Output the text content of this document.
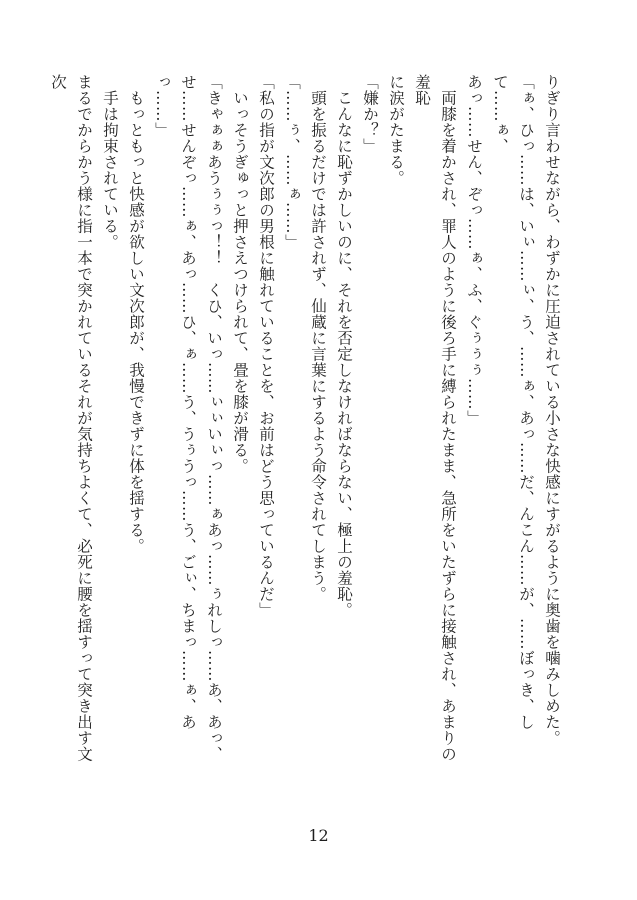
りぎり言わせながら、わずかに圧迫されている小さな快感にすがるように奥歯を噛みしめた。

「ぁ、ひっ……は、いぃ……ぃ、う、……ぁ、あっ……だ、んこん……が、……ぼっき、して……ぁ、

あっ……せん、ぞっ……ぁ、ふ、ぐぅぅぅ……」

　両膝を着かされ、罪人のように後ろ手に縛られたまま、急所をいたずらに接触され、あまりの羞恥

に涙がたまる。

「嫌か？」

　こんなに恥ずかしいのに、それを否定しなければならない、極上の羞恥。

　頭を振るだけでは許されず、仙蔵に言葉にするよう命令されてしまう。

「……ぅ、……ぁ……」

「私の指が文次郎の男根に触れていることを、お前はどう思っているんだ」

　いっそうぎゅっと押さえつけられて、畳を膝が滑る。

「きゃぁぁあうぅぅっ！！　くひ、いっ……ぃぃいぃっ……ぁあっ……ぅれしっ……あ、あっ、

せ……せんぞっ……ぁ、あっ……ひ、ぁ……う、うぅうっ……う、ごぃ、ちまっ……ぁ、あっ……」

　もっともっと快感が欲しい文次郎が、我慢できずに体を揺する。

　手は拘束されている。

まるでからかう様に指一本で突かれているそれが気持ちよくて、必死に腰を揺すって突き出す文次

12
